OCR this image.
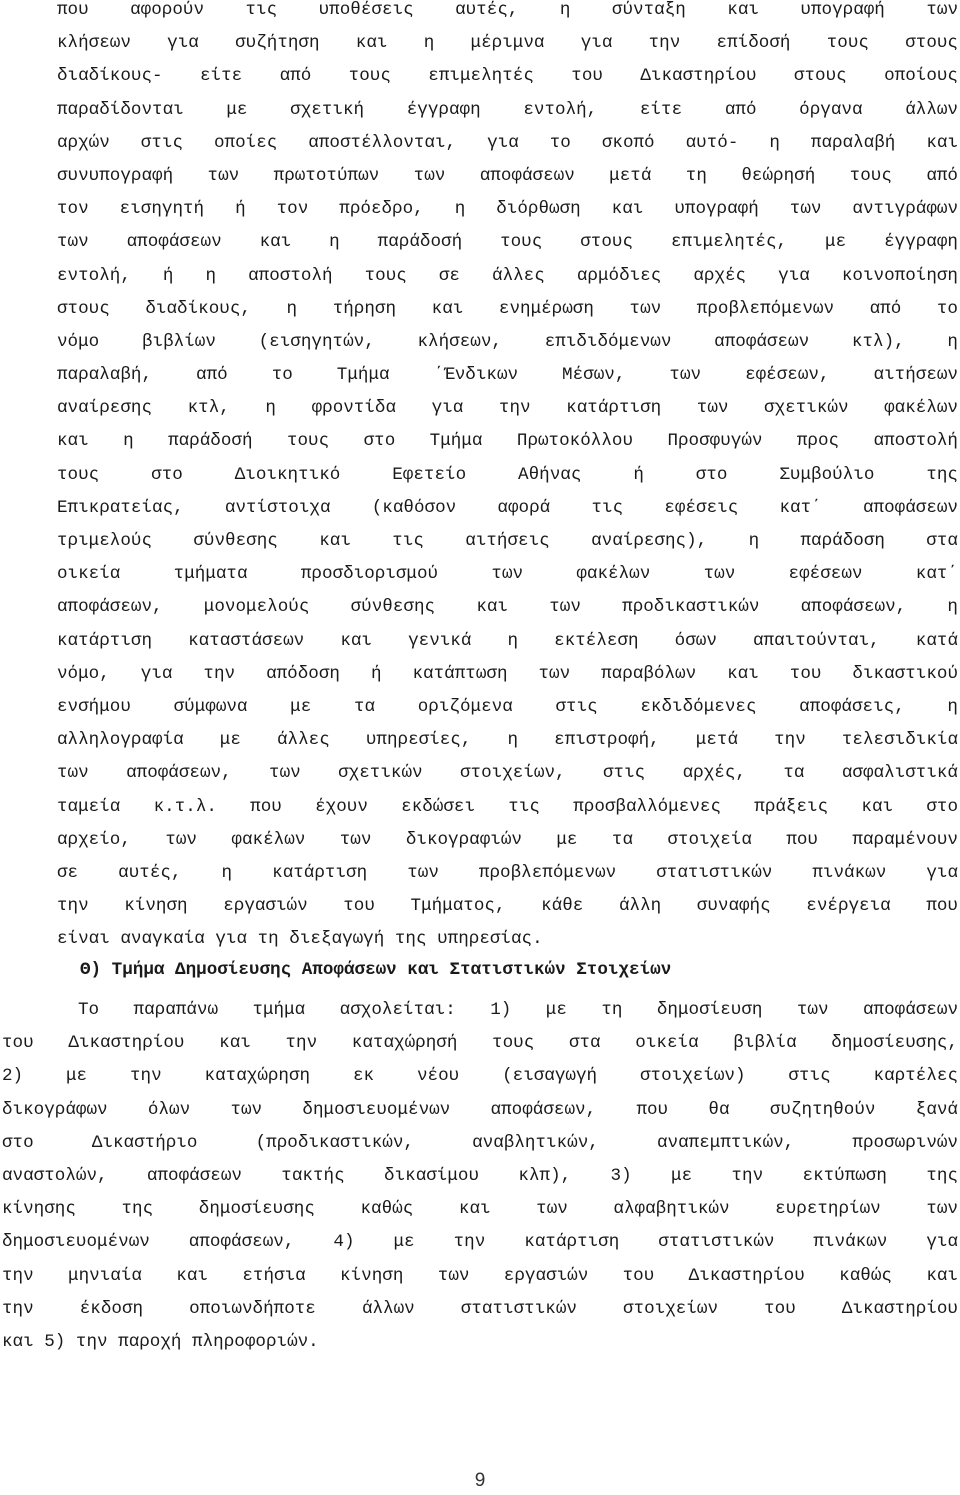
που αφορούν τις υποθέσεις αυτές, η σύνταξη και υπογραφή των
κλήσεων για συζήτηση και η μέριμνα για την επίδοσή τους στους
διαδίκους- είτε από τους επιμελητές του Δικαστηρίου στους οποίους
παραδίδονται με σχετική έγγραφη εντολή, είτε από όργανα άλλων
αρχών στις οποίες αποστέλλονται, για το σκοπό αυτό- η παραλαβή και
συνυπογραφή των πρωτοτύπων των αποφάσεων μετά τη θεώρησή τους από
τον εισηγητή ή τον πρόεδρο, η διόρθωση και υπογραφή των αντιγράφων
των αποφάσεων και η παράδοσή τους στους επιμελητές, με έγγραφη
εντολή, ή η αποστολή τους σε άλλες αρμόδιες αρχές για κοινοποίηση
στους διαδίκους, η τήρηση και ενημέρωση των προβλεπόμενων από το
νόμο βιβλίων (εισηγητών, κλήσεων, επιδιδόμενων αποφάσεων κτλ), η
παραλαβή, από το Τμήμα ΄Ένδικων Μέσων, των εφέσεων, αιτήσεων
αναίρεσης κτλ, η φροντίδα για την κατάρτιση των σχετικών φακέλων
και η παράδοσή τους στο Τμήμα Πρωτοκόλλου Προσφυγών προς αποστολή
τους στο Διοικητικό Εφετείο Αθήνας ή στο Συμβούλιο της
Επικρατείας, αντίστοιχα (καθόσον αφορά τις εφέσεις κατ΄ αποφάσεων
τριμελούς σύνθεσης και τις αιτήσεις αναίρεσης), η παράδοση στα
οικεία τμήματα προσδιορισμού των φακέλων των εφέσεων κατ΄
αποφάσεων, μονομελούς σύνθεσης και των προδικαστικών αποφάσεων, η
κατάρτιση καταστάσεων και γενικά η εκτέλεση όσων απαιτούνται, κατά
νόμο, για την απόδοση ή κατάπτωση των παραβόλων και του δικαστικού
ενσήμου σύμφωνα με τα οριζόμενα στις εκδιδόμενες αποφάσεις, η
αλληλογραφία με άλλες υπηρεσίες, η επιστροφή, μετά την τελεσιδικία
των αποφάσεων, των σχετικών στοιχείων, στις αρχές, τα ασφαλιστικά
ταμεία κ.τ.λ. που έχουν εκδώσει τις προσβαλλόμενες πράξεις και στο
αρχείο, των φακέλων των δικογραφιών με τα στοιχεία που παραμένουν
σε αυτές, η κατάρτιση των προβλεπόμενων στατιστικών πινάκων για
την κίνηση εργασιών του Τμήματος, κάθε άλλη συναφής ενέργεια που
είναι αναγκαία για τη διεξαγωγή της υπηρεσίας.
Θ) Τμήμα Δημοσίευσης Αποφάσεων και Στατιστικών Στοιχείων
Το παραπάνω τμήμα ασχολείται: 1) με τη δημοσίευση των αποφάσεων
του Δικαστηρίου και την καταχώρησή τους στα οικεία βιβλία δημοσίευσης,
2) με την καταχώρηση εκ νέου (εισαγωγή στοιχείων) στις καρτέλες
δικογράφων όλων των δημοσιευομένων αποφάσεων, που θα συζητηθούν ξανά
στο Δικαστήριο (προδικαστικών, αναβλητικών, αναπεμπτικών, προσωρινών
αναστολών, αποφάσεων τακτής δικασίμου κλπ), 3) με την εκτύπωση της
κίνησης της δημοσίευσης καθώς και των αλφαβητικών ευρετηρίων των
δημοσιευομένων αποφάσεων, 4) με την κατάρτιση στατιστικών πινάκων για
την μηνιαία και ετήσια κίνηση των εργασιών του Δικαστηρίου καθώς και
την έκδοση οποιωνδήποτε άλλων στατιστικών στοιχείων του Δικαστηρίου
και 5) την παροχή πληροφοριών.
9
